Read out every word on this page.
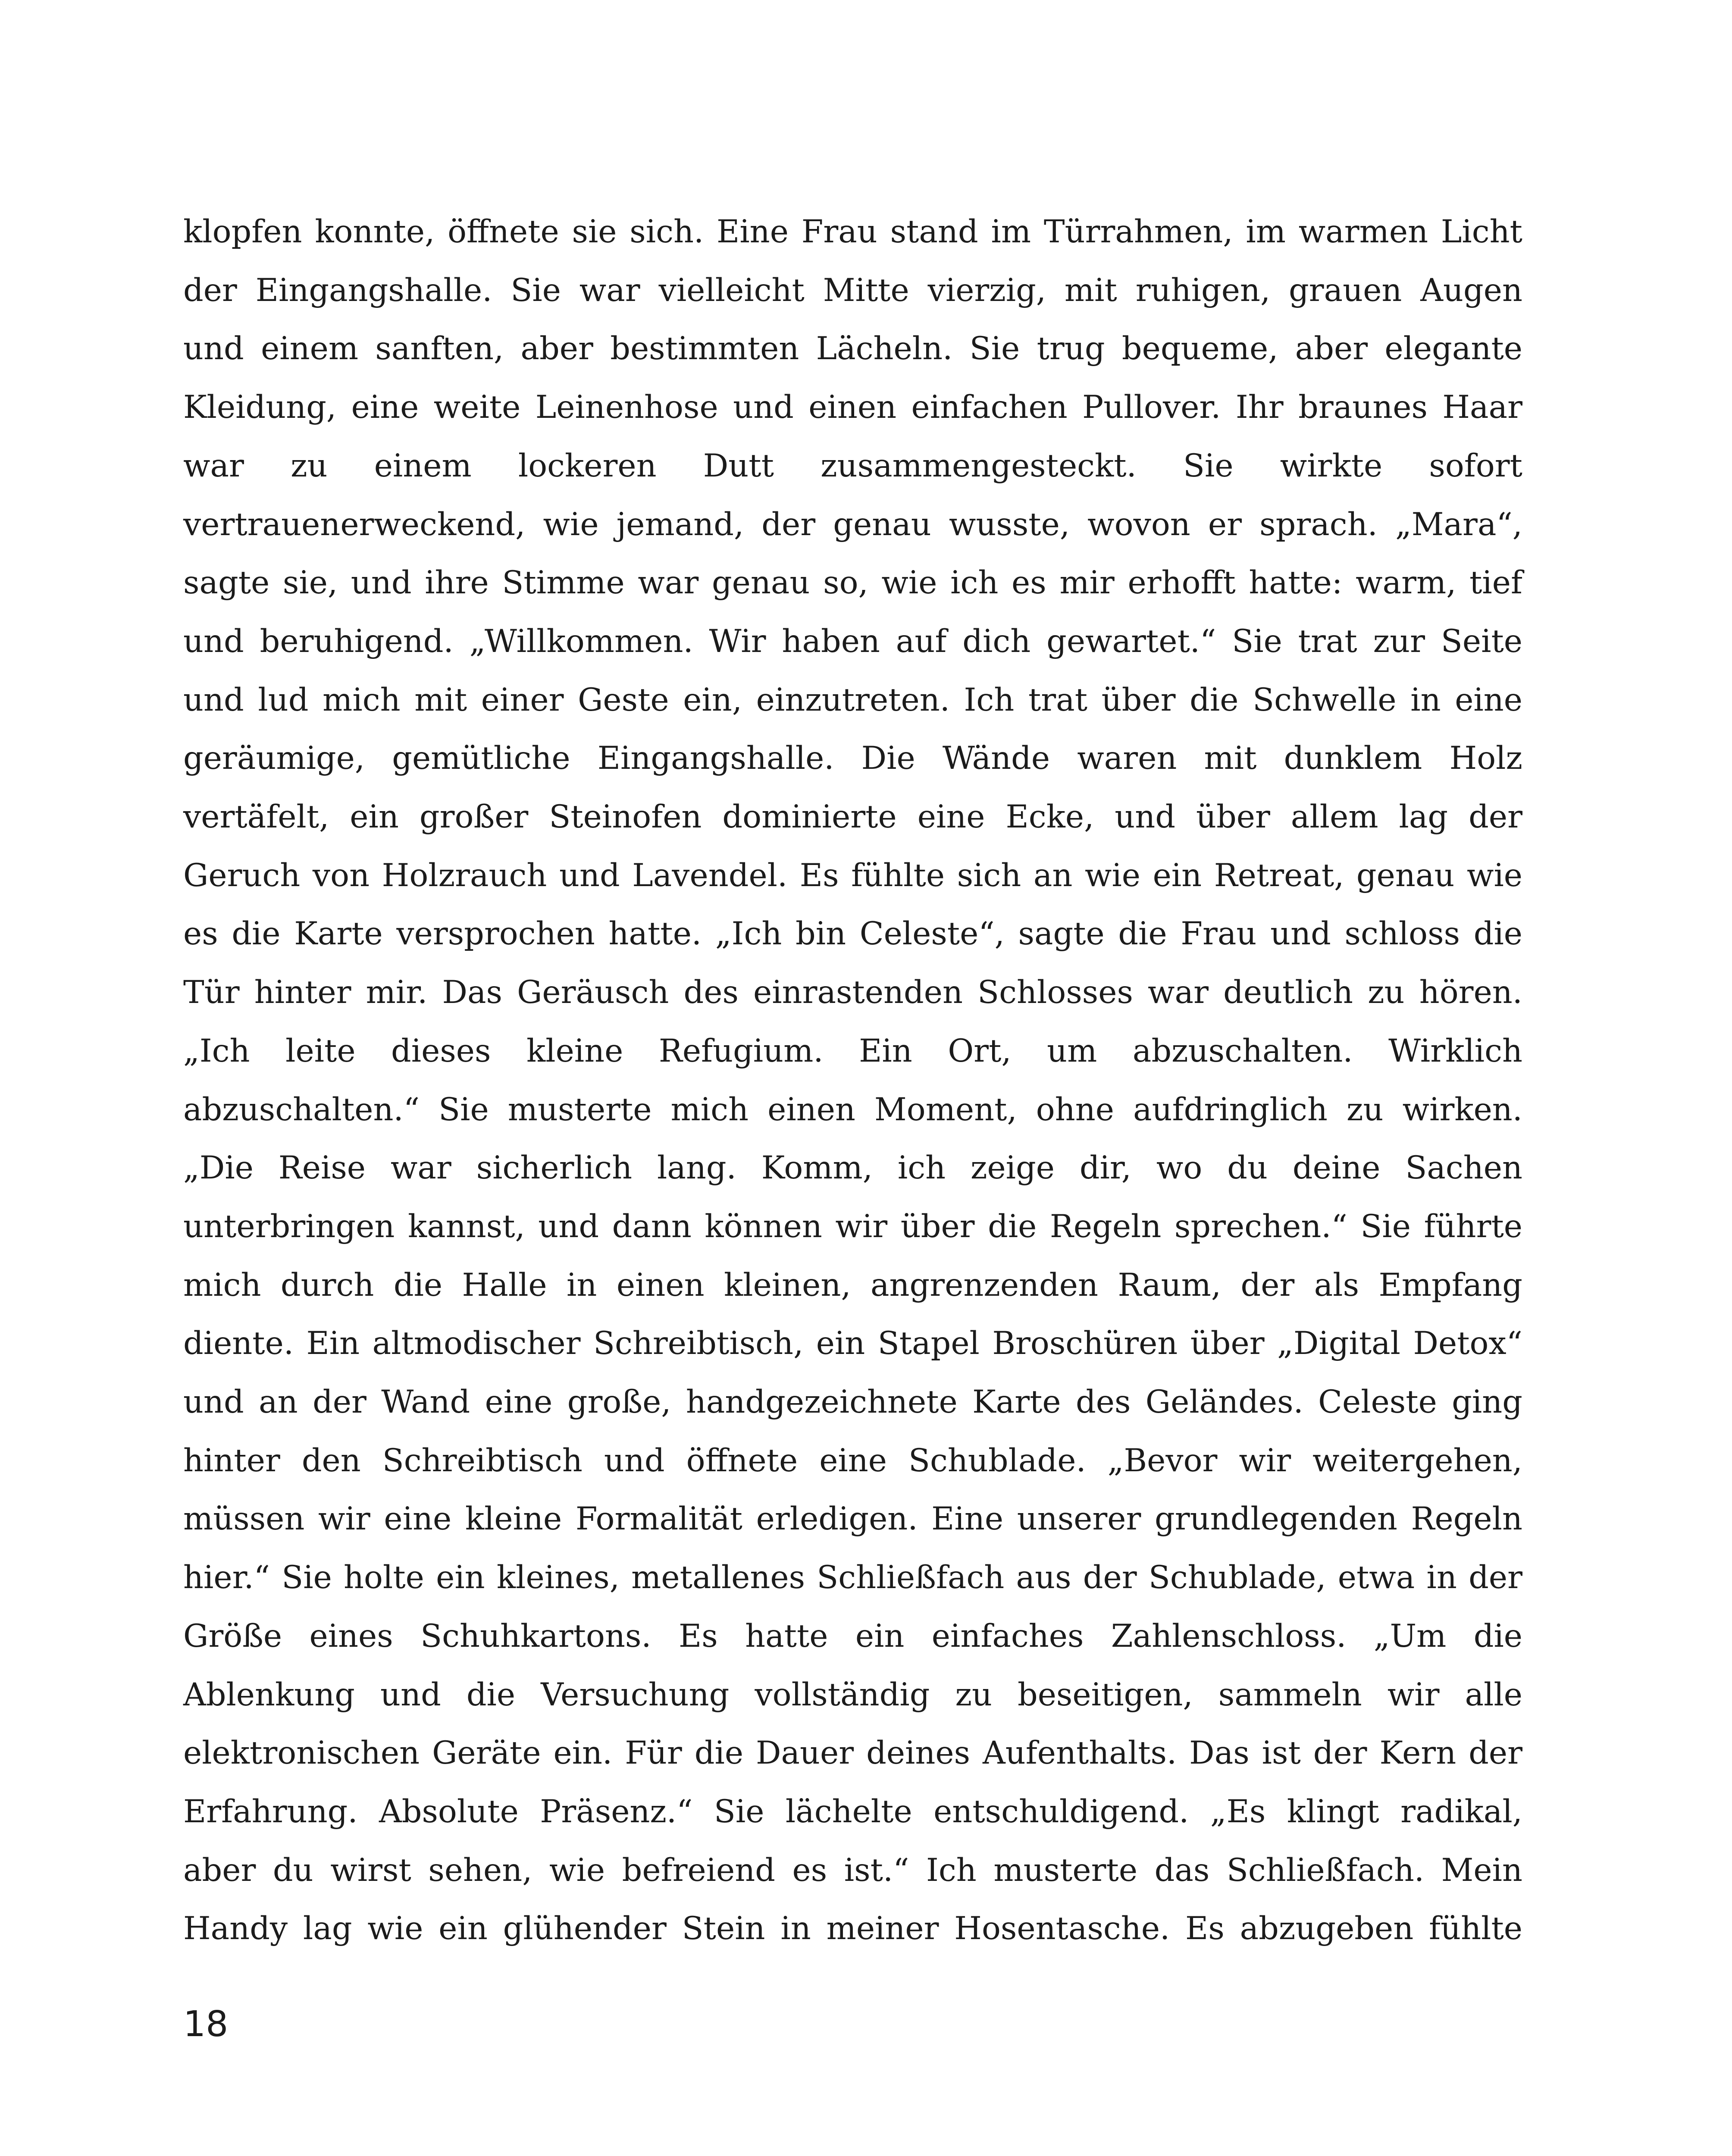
klopfen konnte, öffnete sie sich. Eine Frau stand im Türrahmen, im warmen Licht
der Eingangshalle. Sie war vielleicht Mitte vierzig, mit ruhigen, grauen Augen
und einem sanften, aber bestimmten Lächeln. Sie trug bequeme, aber elegante
Kleidung, eine weite Leinenhose und einen einfachen Pullover. Ihr braunes Haar
war zu einem lockeren Dutt zusammengesteckt. Sie wirkte sofort
vertrauenerweckend, wie jemand, der genau wusste, wovon er sprach. „Mara“,
sagte sie, und ihre Stimme war genau so, wie ich es mir erhofft hatte: warm, tief
und beruhigend. „Willkommen. Wir haben auf dich gewartet.“ Sie trat zur Seite
und lud mich mit einer Geste ein, einzutreten. Ich trat über die Schwelle in eine
geräumige, gemütliche Eingangshalle. Die Wände waren mit dunklem Holz
vertäfelt, ein großer Steinofen dominierte eine Ecke, und über allem lag der
Geruch von Holzrauch und Lavendel. Es fühlte sich an wie ein Retreat, genau wie
es die Karte versprochen hatte. „Ich bin Celeste“, sagte die Frau und schloss die
Tür hinter mir. Das Geräusch des einrastenden Schlosses war deutlich zu hören.
„Ich leite dieses kleine Refugium. Ein Ort, um abzuschalten. Wirklich
abzuschalten.“ Sie musterte mich einen Moment, ohne aufdringlich zu wirken.
„Die Reise war sicherlich lang. Komm, ich zeige dir, wo du deine Sachen
unterbringen kannst, und dann können wir über die Regeln sprechen.“ Sie führte
mich durch die Halle in einen kleinen, angrenzenden Raum, der als Empfang
diente. Ein altmodischer Schreibtisch, ein Stapel Broschüren über „Digital Detox“
und an der Wand eine große, handgezeichnete Karte des Geländes. Celeste ging
hinter den Schreibtisch und öffnete eine Schublade. „Bevor wir weitergehen,
müssen wir eine kleine Formalität erledigen. Eine unserer grundlegenden Regeln
hier.“ Sie holte ein kleines, metallenes Schließfach aus der Schublade, etwa in der
Größe eines Schuhkartons. Es hatte ein einfaches Zahlenschloss. „Um die
Ablenkung und die Versuchung vollständig zu beseitigen, sammeln wir alle
elektronischen Geräte ein. Für die Dauer deines Aufenthalts. Das ist der Kern der
Erfahrung. Absolute Präsenz.“ Sie lächelte entschuldigend. „Es klingt radikal,
aber du wirst sehen, wie befreiend es ist.“ Ich musterte das Schließfach. Mein
Handy lag wie ein glühender Stein in meiner Hosentasche. Es abzugeben fühlte
18
